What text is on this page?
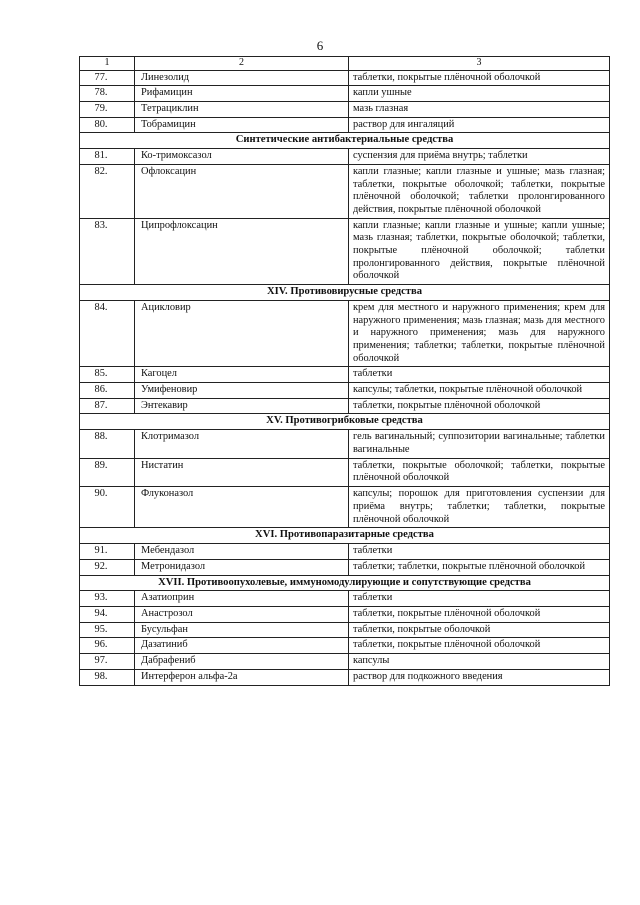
6
1	2	3
77.	Линезолид	таблетки, покрытые плёночной оболочкой
78.	Рифамицин	капли ушные
79.	Тетрациклин	мазь глазная
80.	Тобрамицин	раствор для ингаляций
Синтетические антибактериальные средства		
81.	Ко-тримоксазол	суспензия для приёма внутрь; таблетки
82.	Офлоксацин	капли глазные; капли глазные и ушные; мазь глазная; таблетки, покрытые оболочкой; таблетки, покрытые плёночной оболочкой; таблетки пролонгированного действия, покрытые плёночной оболочкой
83.	Ципрофлоксацин	капли глазные; капли глазные и ушные; капли ушные; мазь глазная; таблетки, покрытые оболочкой; таблетки, покрытые плёночной оболочкой; таблетки пролонгированного действия, покрытые плёночной оболочкой
XIV. Противовирусные средства		
84.	Ацикловир	крем для местного и наружного применения; крем для наружного применения; мазь глазная; мазь для местного и наружного применения; мазь для наружного применения; таблетки; таблетки, покрытые плёночной оболочкой
85.	Кагоцел	таблетки
86.	Умифеновир	капсулы; таблетки, покрытые плёночной оболочкой
87.	Энтекавир	таблетки, покрытые плёночной оболочкой
XV. Противогрибковые средства		
88.	Клотримазол	гель вагинальный; суппозитории вагинальные; таблетки вагинальные
89.	Нистатин	таблетки, покрытые оболочкой; таблетки, покрытые плёночной оболочкой
90.	Флуконазол	капсулы; порошок для приготовления суспензии для приёма внутрь; таблетки; таблетки, покрытые плёночной оболочкой
XVI. Противопаразитарные средства		
91.	Мебендазол	таблетки
92.	Метронидазол	таблетки; таблетки, покрытые плёночной оболочкой
XVII. Противоопухолевые, иммуномодулирующие и сопутствующие средства		
93.	Азатиоприн	таблетки
94.	Анастрозол	таблетки, покрытые плёночной оболочкой
95.	Бусульфан	таблетки, покрытые оболочкой
96.	Дазатиниб	таблетки, покрытые плёночной оболочкой
97.	Дабрафениб	капсулы
98.	Интерферон альфа-2а	раствор для подкожного введения
